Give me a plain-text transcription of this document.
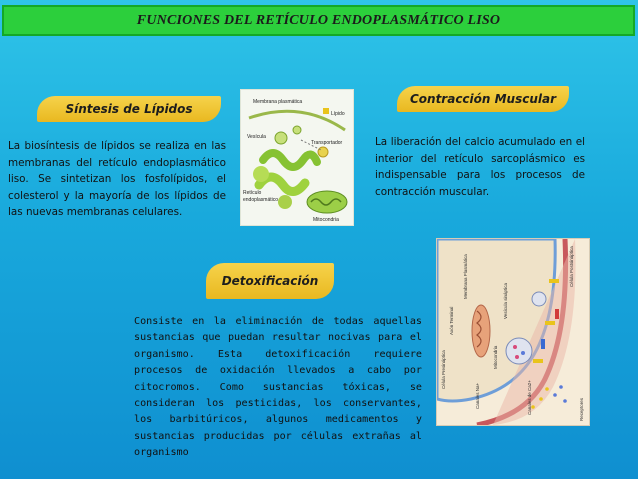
FUNCIONES DEL RETÍCULO ENDOPLASMÁTICO LISO
Síntesis de Lípidos

La biosíntesis de lípidos se realiza en las membranas del retículo endoplasmático liso. Se sintetizan los fosfolípidos, el colesterol y la mayoría de los lípidos de las nuevas membranas celulares.

Membrana plasmática
Lípido
Vesícula
Transportador
Retículo
endoplasmático
Mitocondria
Contracción Muscular

La liberación del calcio acumulado en el interior del retículo sarcoplásmico es indispensable para los procesos de contracción muscular.

Detoxificación

Consiste en la eliminación de todas aquellas sustancias que puedan resultar nocivas para el organismo. Esta detoxificación requiere procesos de oxidación llevados a cabo por citocromos. Como sustancias tóxicas, se consideran los pesticidas, los conservantes, los barbitúricos, algunos medicamentos y sustancias producidas por células extrañas al organismo

Célula Presináptica
Membrana Plasmática
Axón Terminal
Vesícula sináptica
Mitocondria
Célula Postsináptica
Canales Na+	Canales de Ca2+	Receptores
